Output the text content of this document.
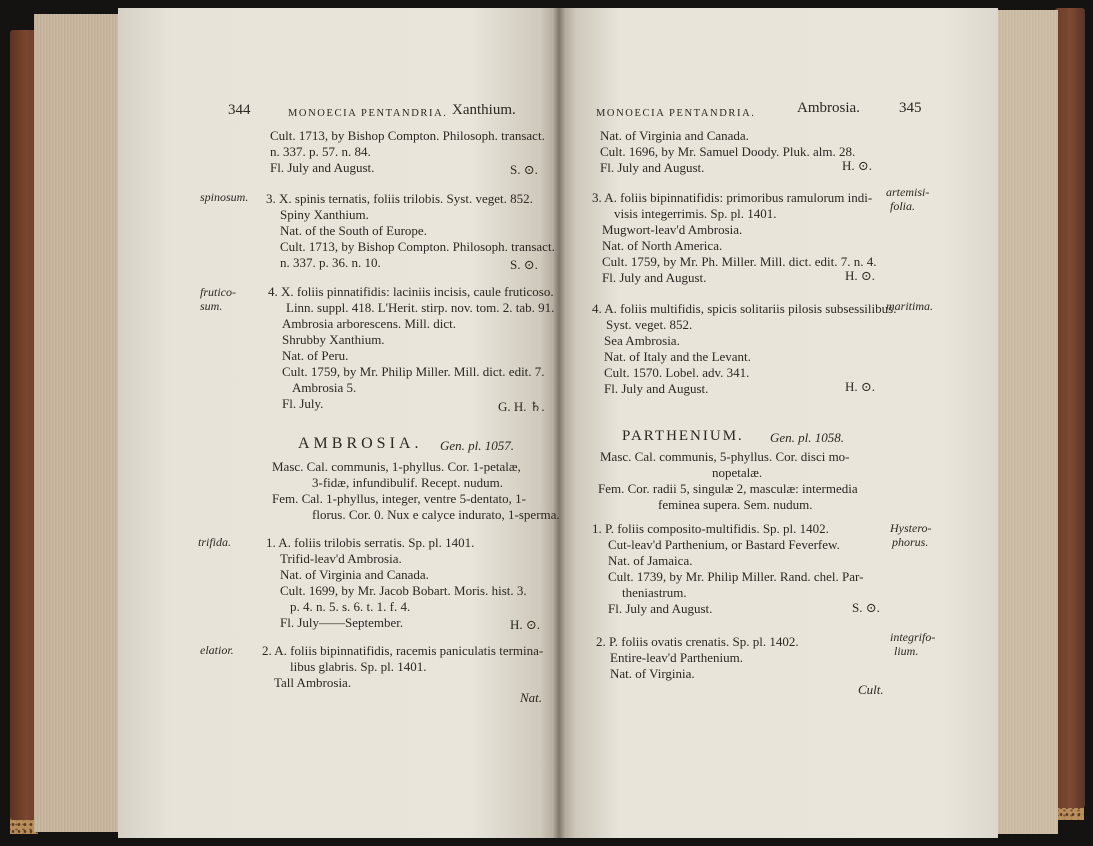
344	MONOECIA PENTANDRIA. Xanthium.
Cult. 1713, by Bishop Compton. Philosoph. transact.
n. 337. p. 57. n. 84.
Fl. July and August.	S. ⊙.
spinosum. 3. X. spinis ternatis, foliis trilobis. Syst. veget. 852.
Spiny Xanthium.
Nat. of the South of Europe.
Cult. 1713, by Bishop Compton. Philosoph. transact.
n. 337. p. 36. n. 10.	S. ⊙.
frutico-
sum.
4. X. foliis pinnatifidis: laciniis incisis, caule fruticoso.
Linn. suppl. 418. L'Herit. stirp. nov. tom. 2. tab. 91.
Ambrosia arborescens. Mill. dict.
Shrubby Xanthium.
Nat. of Peru.
Cult. 1759, by Mr. Philip Miller. Mill. dict. edit. 7.
Ambrosia 5.
Fl. July.	G. H. ♄.
AMBROSIA. Gen. pl. 1057.
Masc. Cal. communis, 1-phyllus. Cor. 1-petalæ,
3-fidæ, infundibulif. Recept. nudum.
Fem. Cal. 1-phyllus, integer, ventre 5-dentato, 1-
florus. Cor. 0. Nux e calyce indurato, 1-sperma.
trifida.	1. A. foliis trilobis serratis. Sp. pl. 1401.
Trifid-leav'd Ambrosia.
Nat. of Virginia and Canada.
Cult. 1699, by Mr. Jacob Bobart. Moris. hist. 3.
p. 4. n. 5. s. 6. t. 1. f. 4.
Fl. July——September.	H. ⊙.
elatior. 2. A. foliis bipinnatifidis, racemis paniculatis termina-
libus glabris. Sp. pl. 1401.
Tall Ambrosia.
Nat.
MONOECIA PENTANDRIA.	Ambrosia.	345
Nat. of Virginia and Canada.
Cult. 1696, by Mr. Samuel Doody. Pluk. alm. 28.
Fl. July and August.	H. ⊙.
3. A. foliis bipinnatifidis: primoribus ramulorum indi-
visis integerrimis. Sp. pl. 1401.
Mugwort-leav'd Ambrosia.
Nat. of North America.
Cult. 1759, by Mr. Ph. Miller. Mill. dict. edit. 7. n. 4.
Fl. July and August.	H. ⊙.
artemisi-
folia.
4. A. foliis multifidis, spicis solitariis pilosis subsessilibus.
maritima.
Syst. veget. 852.
Sea Ambrosia.
Nat. of Italy and the Levant.
Cult. 1570. Lobel. adv. 341.
Fl. July and August.	H. ⊙.
PARTHENIUM. Gen. pl. 1058.
Masc. Cal. communis, 5-phyllus. Cor. disci mo-
nopetalæ.
Fem. Cor. radii 5, singulæ 2, masculæ: intermedia
feminea supera. Sem. nudum.
1. P. foliis composito-multifidis. Sp. pl. 1402.	Hystero-
phorus.
Cut-leav'd Parthenium, or Bastard Feverfew.
Nat. of Jamaica.
Cult. 1739, by Mr. Philip Miller. Rand. chel. Par-
theniastrum.
Fl. July and August.	S. ⊙.
2. P. foliis ovatis crenatis. Sp. pl. 1402.	integrifo-
lium.
Entire-leav'd Parthenium.
Nat. of Virginia.
Cult.
